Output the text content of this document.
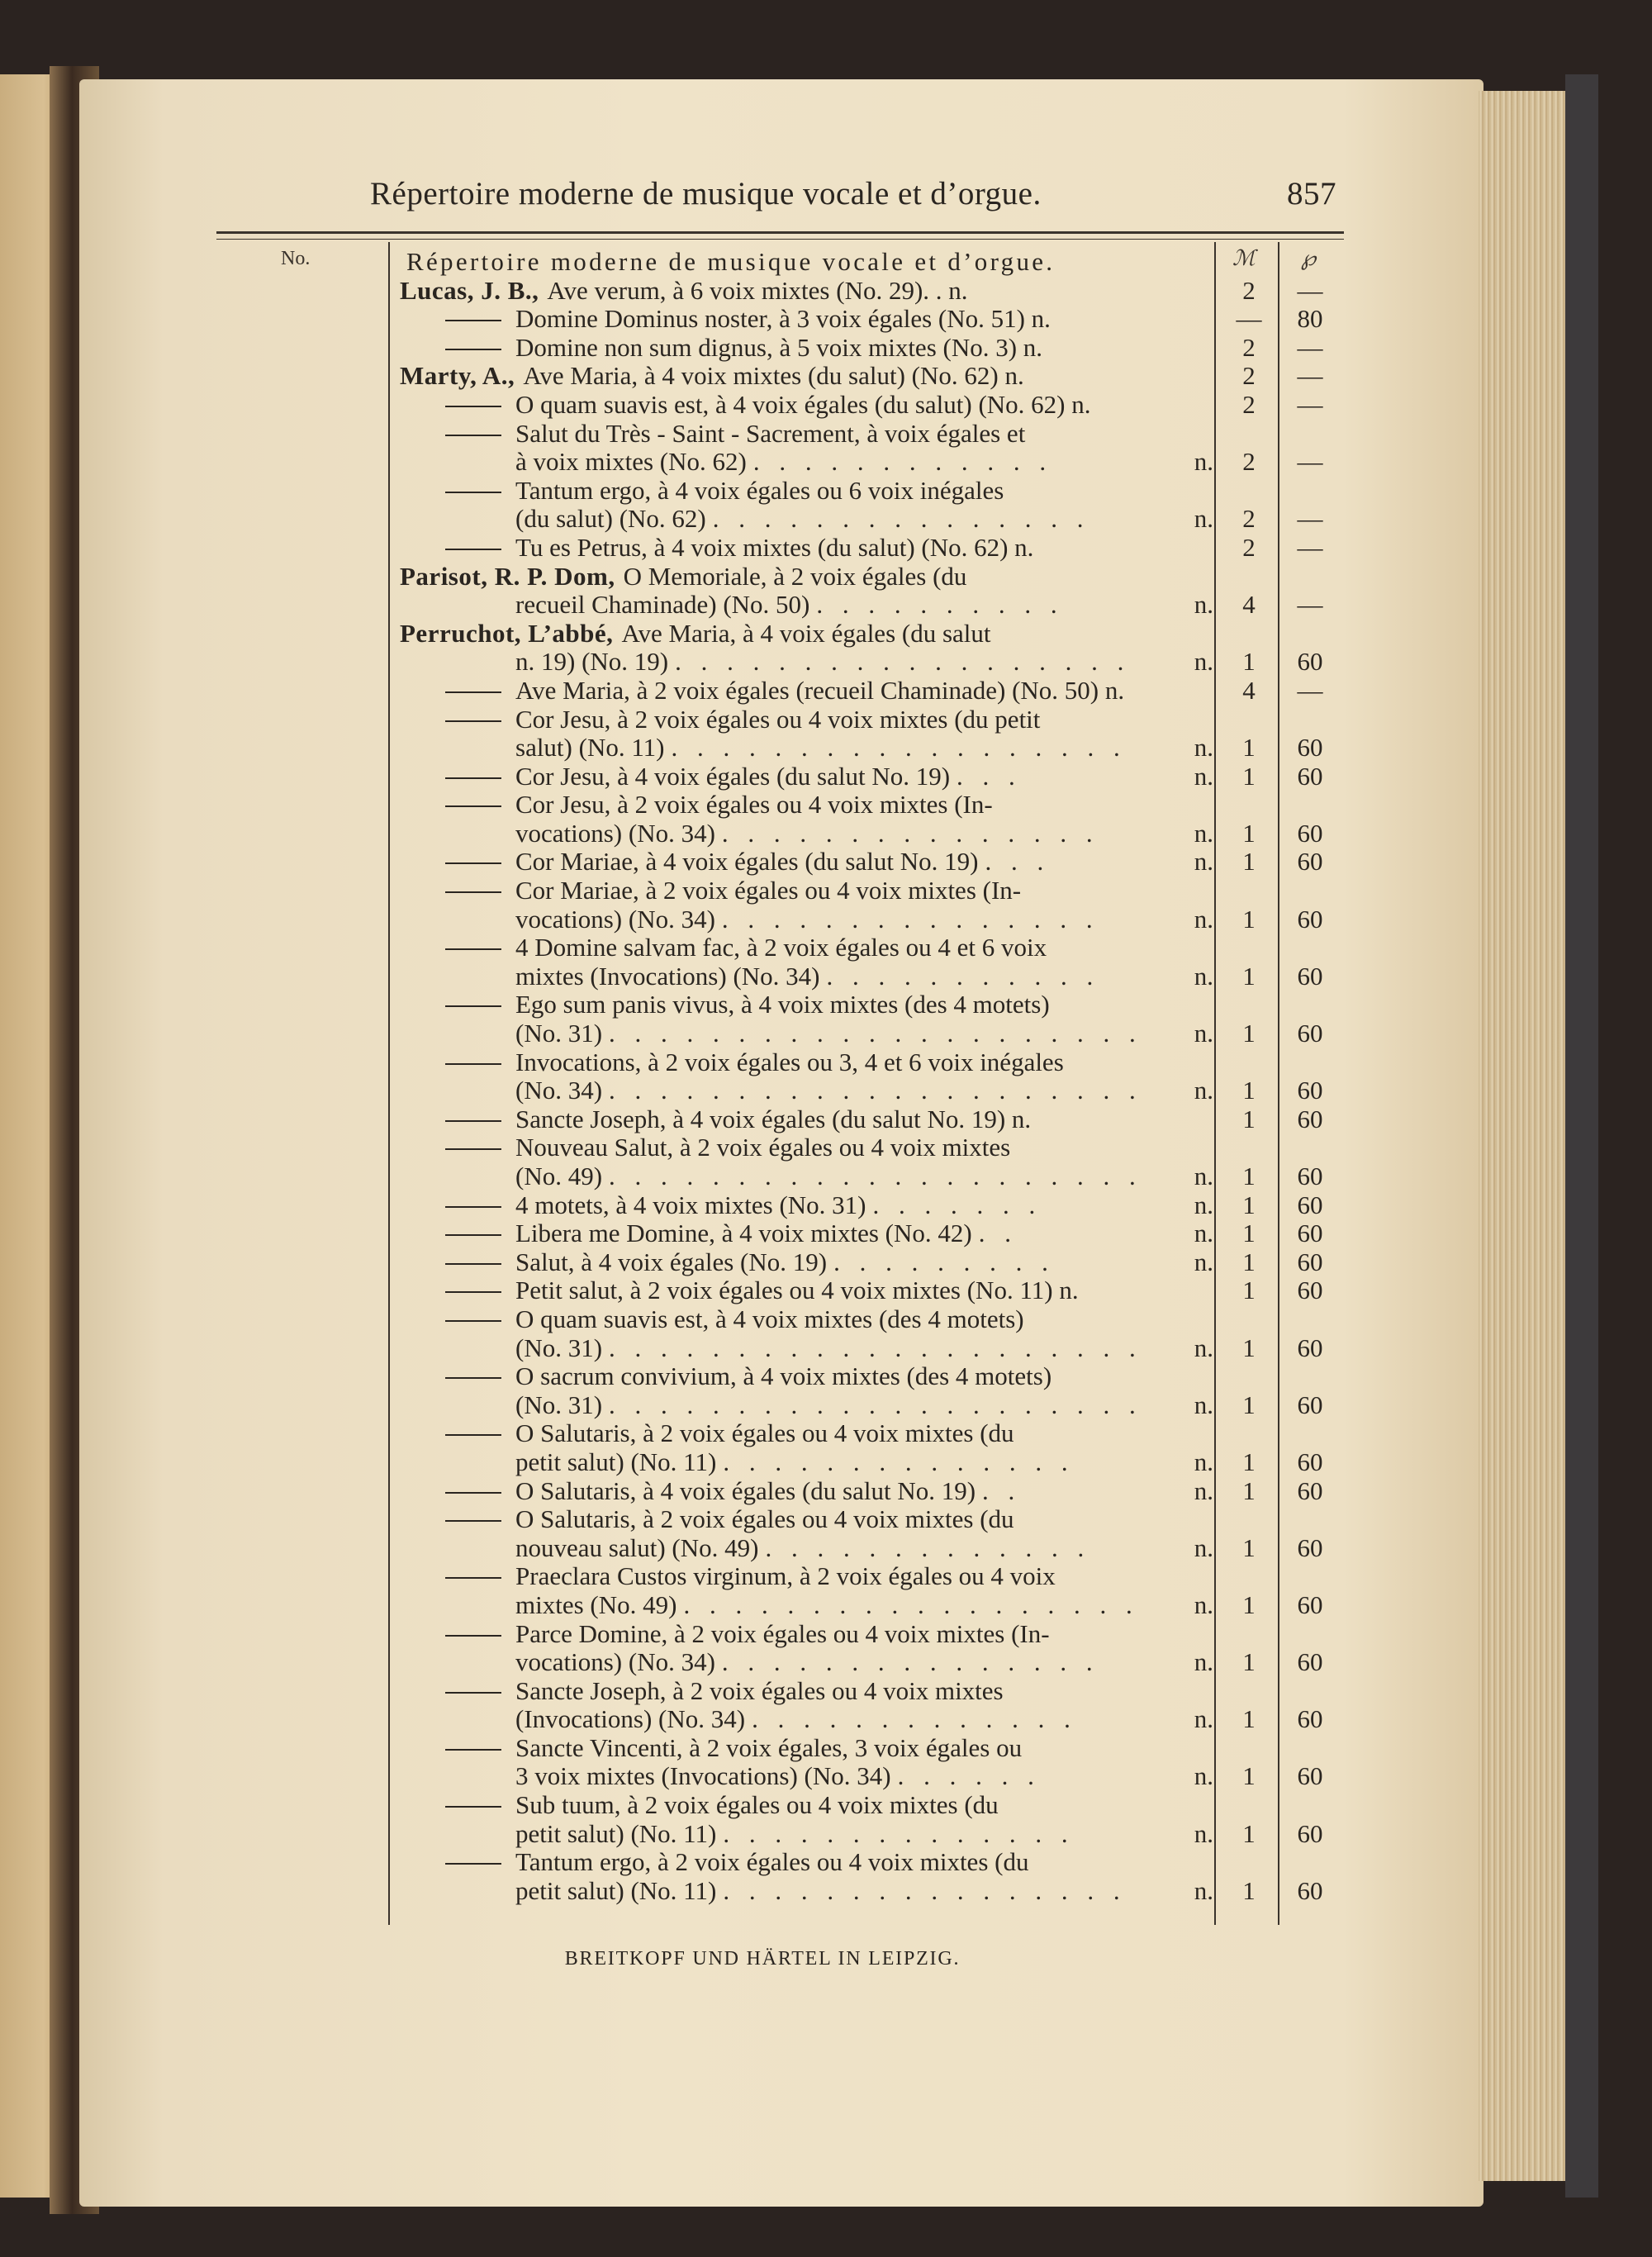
Répertoire moderne de musique vocale et d’orgue.	857
No.	ℳ ℘
Répertoire moderne de musique vocale et d’orgue.
Lucas, J. B., Ave verum, à 6 voix mixtes (No. 29). . n.	2	—
Domine Dominus noster, à 3 voix égales (No. 51) n.	—	80
Domine non sum dignus, à 5 voix mixtes (No. 3) n.	2	—
Marty, A., Ave Maria, à 4 voix mixtes (du salut) (No. 62) n.	2	—
O quam suavis est, à 4 voix égales (du salut) (No. 62) n.	2	—
Salut du Très - Saint - Sacrement, à voix égales et
à voix mixtes (No. 62) . . . . . . . . . . . .	n.	2	—
Tantum ergo, à 4 voix égales ou 6 voix inégales
(du salut) (No. 62) . . . . . . . . . . . . . . .	n.	2	—
Tu es Petrus, à 4 voix mixtes (du salut) (No. 62) n.	2	—
Parisot, R. P. Dom, O Memoriale, à 2 voix égales (du
recueil Chaminade) (No. 50) . . . . . . . . . .	n.	4	—
Perruchot, L’abbé, Ave Maria, à 4 voix égales (du salut
n. 19) (No. 19) . . . . . . . . . . . . . . . . . .	n.	1	60
Ave Maria, à 2 voix égales (recueil Chaminade) (No. 50) n.	4	—
Cor Jesu, à 2 voix égales ou 4 voix mixtes (du petit
salut) (No. 11) . . . . . . . . . . . . . . . . . .	n.	1	60
Cor Jesu, à 4 voix égales (du salut No. 19) . . .	n.	1	60
Cor Jesu, à 2 voix égales ou 4 voix mixtes (In-
vocations) (No. 34) . . . . . . . . . . . . . . .	n.	1	60
Cor Mariae, à 4 voix égales (du salut No. 19) . . .	n.	1	60
Cor Mariae, à 2 voix égales ou 4 voix mixtes (In-
vocations) (No. 34) . . . . . . . . . . . . . . .	n.	1	60
4 Domine salvam fac, à 2 voix égales ou 4 et 6 voix
mixtes (Invocations) (No. 34) . . . . . . . . . . .	n.	1	60
Ego sum panis vivus, à 4 voix mixtes (des 4 motets)
(No. 31) . . . . . . . . . . . . . . . . . . . . .	n.	1	60
Invocations, à 2 voix égales ou 3, 4 et 6 voix inégales
(No. 34) . . . . . . . . . . . . . . . . . . . . .	n.	1	60
Sancte Joseph, à 4 voix égales (du salut No. 19) n.	1	60
Nouveau Salut, à 2 voix égales ou 4 voix mixtes
(No. 49) . . . . . . . . . . . . . . . . . . . . .	n.	1	60
4 motets, à 4 voix mixtes (No. 31) . . . . . . .	n.	1	60
Libera me Domine, à 4 voix mixtes (No. 42) . .	n.	1	60
Salut, à 4 voix égales (No. 19) . . . . . . . . .	n.	1	60
Petit salut, à 2 voix égales ou 4 voix mixtes (No. 11) n.	1	60
O quam suavis est, à 4 voix mixtes (des 4 motets)
(No. 31) . . . . . . . . . . . . . . . . . . . . .	n.	1	60
O sacrum convivium, à 4 voix mixtes (des 4 motets)
(No. 31) . . . . . . . . . . . . . . . . . . . . .	n.	1	60
O Salutaris, à 2 voix égales ou 4 voix mixtes (du
petit salut) (No. 11) . . . . . . . . . . . . . .	n.	1	60
O Salutaris, à 4 voix égales (du salut No. 19) . .	n.	1	60
O Salutaris, à 2 voix égales ou 4 voix mixtes (du
nouveau salut) (No. 49) . . . . . . . . . . . . .	n.	1	60
Praeclara Custos virginum, à 2 voix égales ou 4 voix
mixtes (No. 49) . . . . . . . . . . . . . . . . . .	n.	1	60
Parce Domine, à 2 voix égales ou 4 voix mixtes (In-
vocations) (No. 34) . . . . . . . . . . . . . . .	n.	1	60
Sancte Joseph, à 2 voix égales ou 4 voix mixtes
(Invocations) (No. 34) . . . . . . . . . . . . .	n.	1	60
Sancte Vincenti, à 2 voix égales, 3 voix égales ou
3 voix mixtes (Invocations) (No. 34) . . . . . .	n.	1	60
Sub tuum, à 2 voix égales ou 4 voix mixtes (du
petit salut) (No. 11) . . . . . . . . . . . . . .	n.	1	60
Tantum ergo, à 2 voix égales ou 4 voix mixtes (du
petit salut) (No. 11) . . . . . . . . . . . . . . . .	n.	1	60
BREITKOPF UND HÄRTEL IN LEIPZIG.
